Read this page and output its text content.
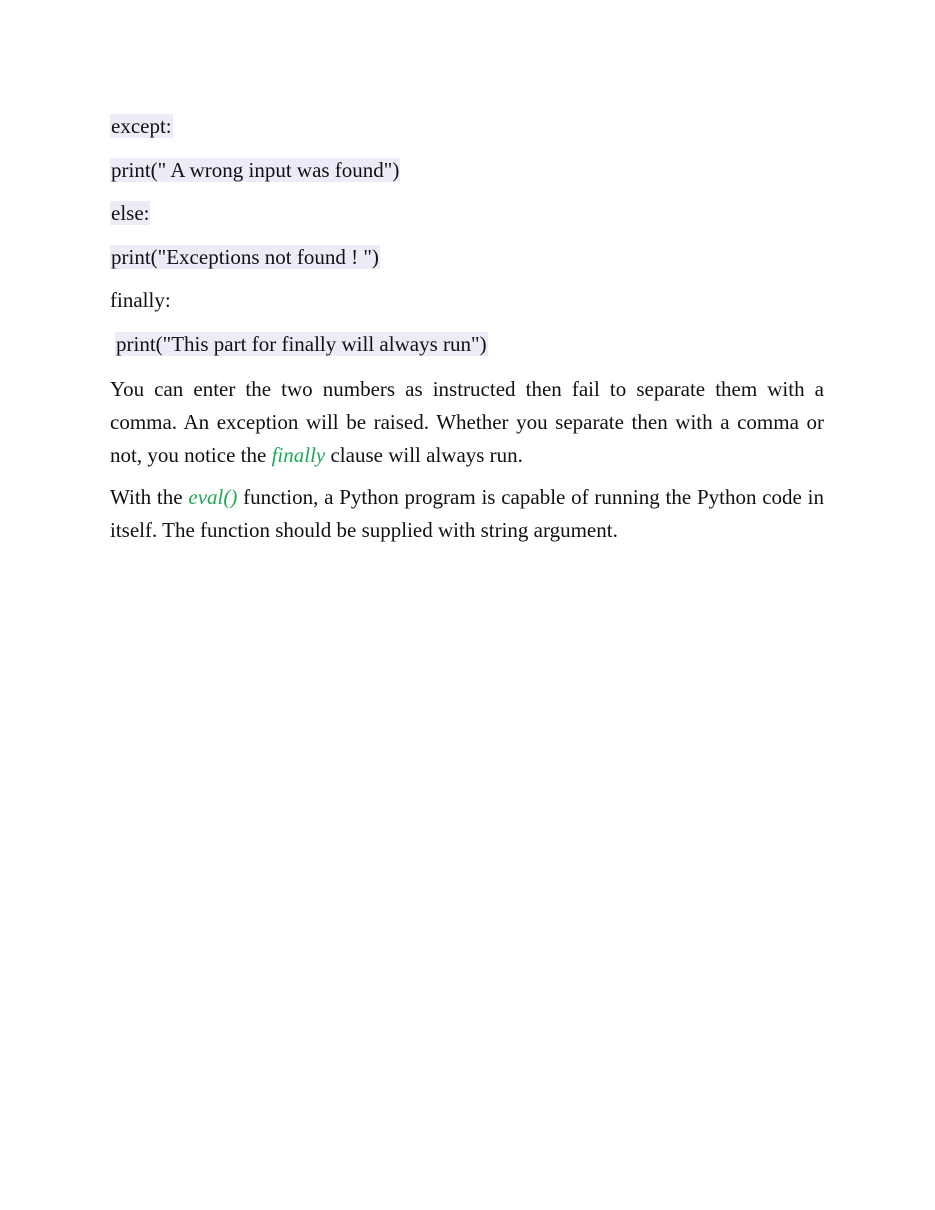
except:

print(" A wrong input was found")

else:

print("Exceptions not found ! ")

finally:

print("This part for finally will always run")

You can enter the two numbers as instructed then fail to separate them with a comma. An exception will be raised. Whether you separate then with a comma or not, you notice the finally clause will always run.

With the eval() function, a Python program is capable of running the Python code in itself. The function should be supplied with string argument.
